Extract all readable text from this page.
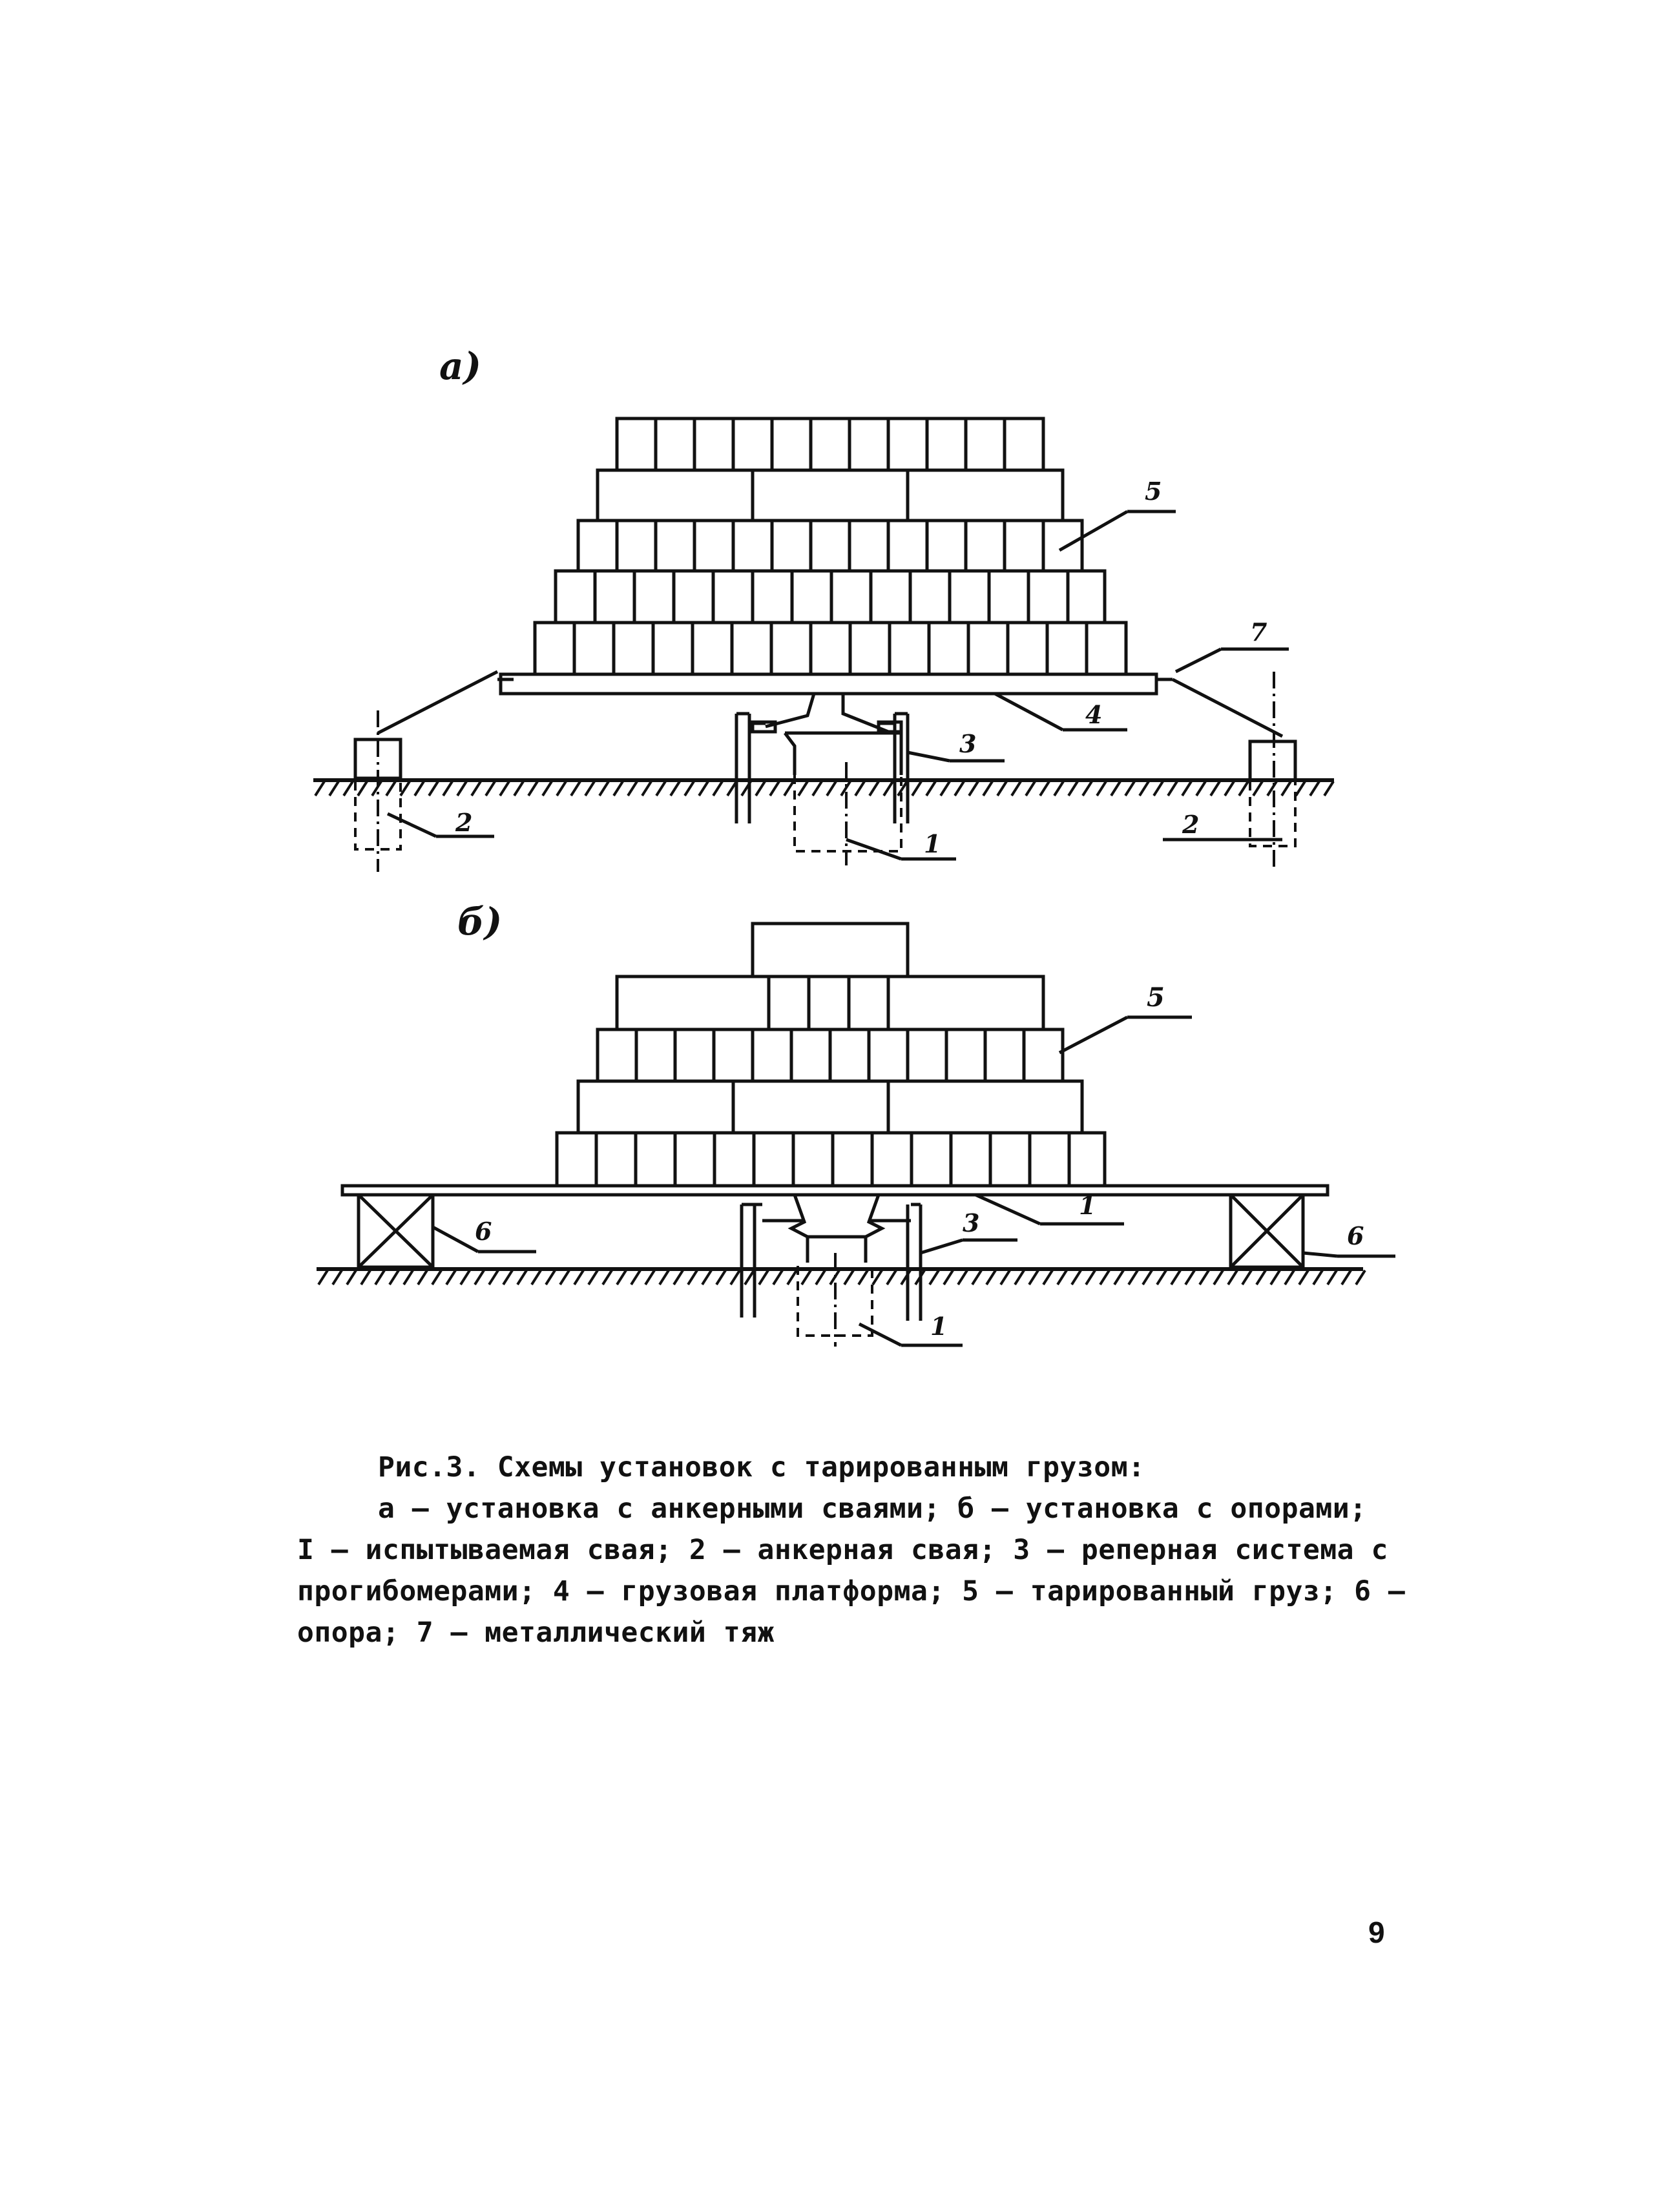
а)
5
7
4
3
2
1
2
б)
5
1
6	3	6
1
Рис.3. Схемы установок с тарированным грузом:
а – установка с анкерными сваями; б – установка с опорами;
I – испытываемая свая; 2 – анкерная свая; 3 – реперная система с
прогибомерами; 4 – грузовая платформа; 5 – тарированный груз; 6 –
опора; 7 – металлический тяж
9
